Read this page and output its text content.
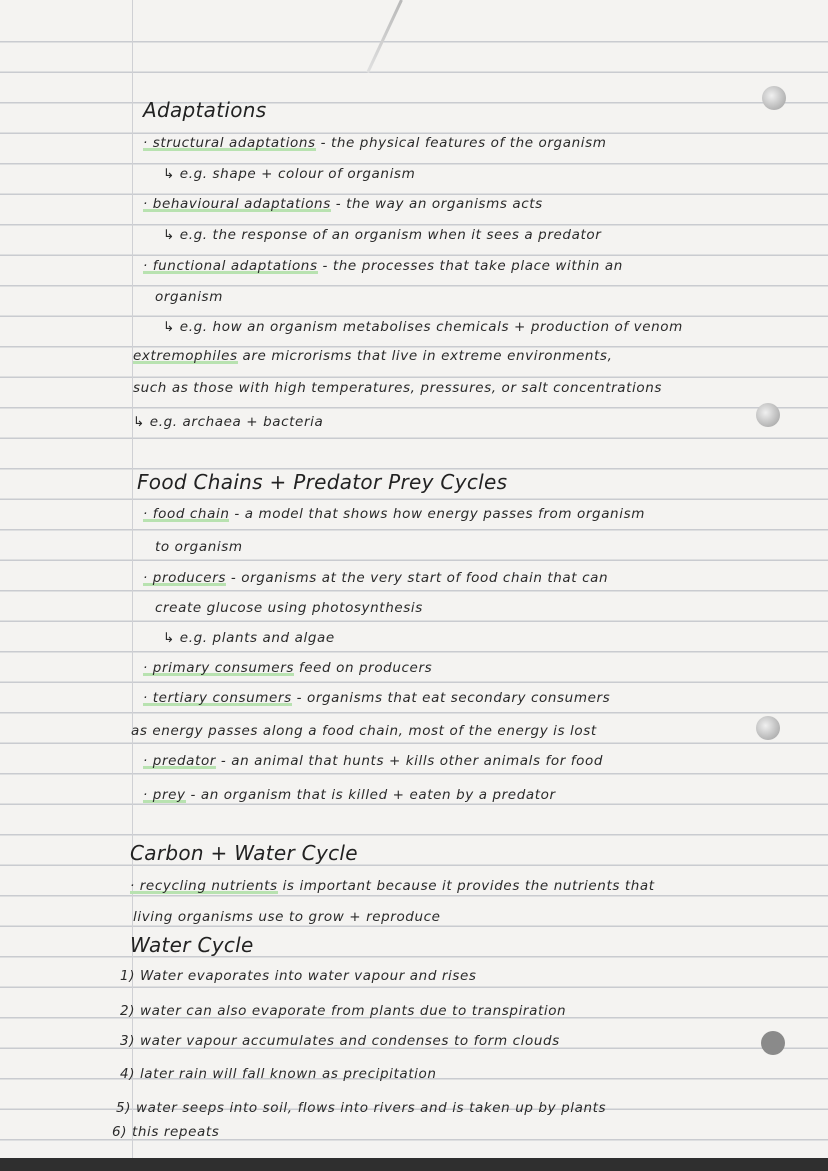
Adaptations
· structural adaptations - the physical features of the organism
↳ e.g. shape + colour of organism
· behavioural adaptations - the way an organisms acts
↳ e.g. the response of an organism when it sees a predator
· functional adaptations - the processes that take place within an
organism
↳ e.g. how an organism metabolises chemicals + production of venom
extremophiles are microrisms that live in extreme environments,
such as those with high temperatures, pressures, or salt concentrations
↳ e.g. archaea + bacteria
Food Chains + Predator Prey Cycles
· food chain - a model that shows how energy passes from organism
to organism
· producers - organisms at the very start of food chain that can
create glucose using photosynthesis
↳ e.g. plants and algae
· primary consumers feed on producers
· tertiary consumers - organisms that eat secondary consumers
as energy passes along a food chain, most of the energy is lost
· predator - an animal that hunts + kills other animals for food
· prey - an organism that is killed + eaten by a predator
Carbon + Water Cycle
· recycling nutrients is important because it provides the nutrients that
living organisms use to grow + reproduce
Water Cycle
1) Water evaporates into water vapour and rises
2) water can also evaporate from plants due to transpiration
3) water vapour accumulates and condenses to form clouds
4) later rain will fall known as precipitation
5) water seeps into soil, flows into rivers and is taken up by plants
6) this repeats
